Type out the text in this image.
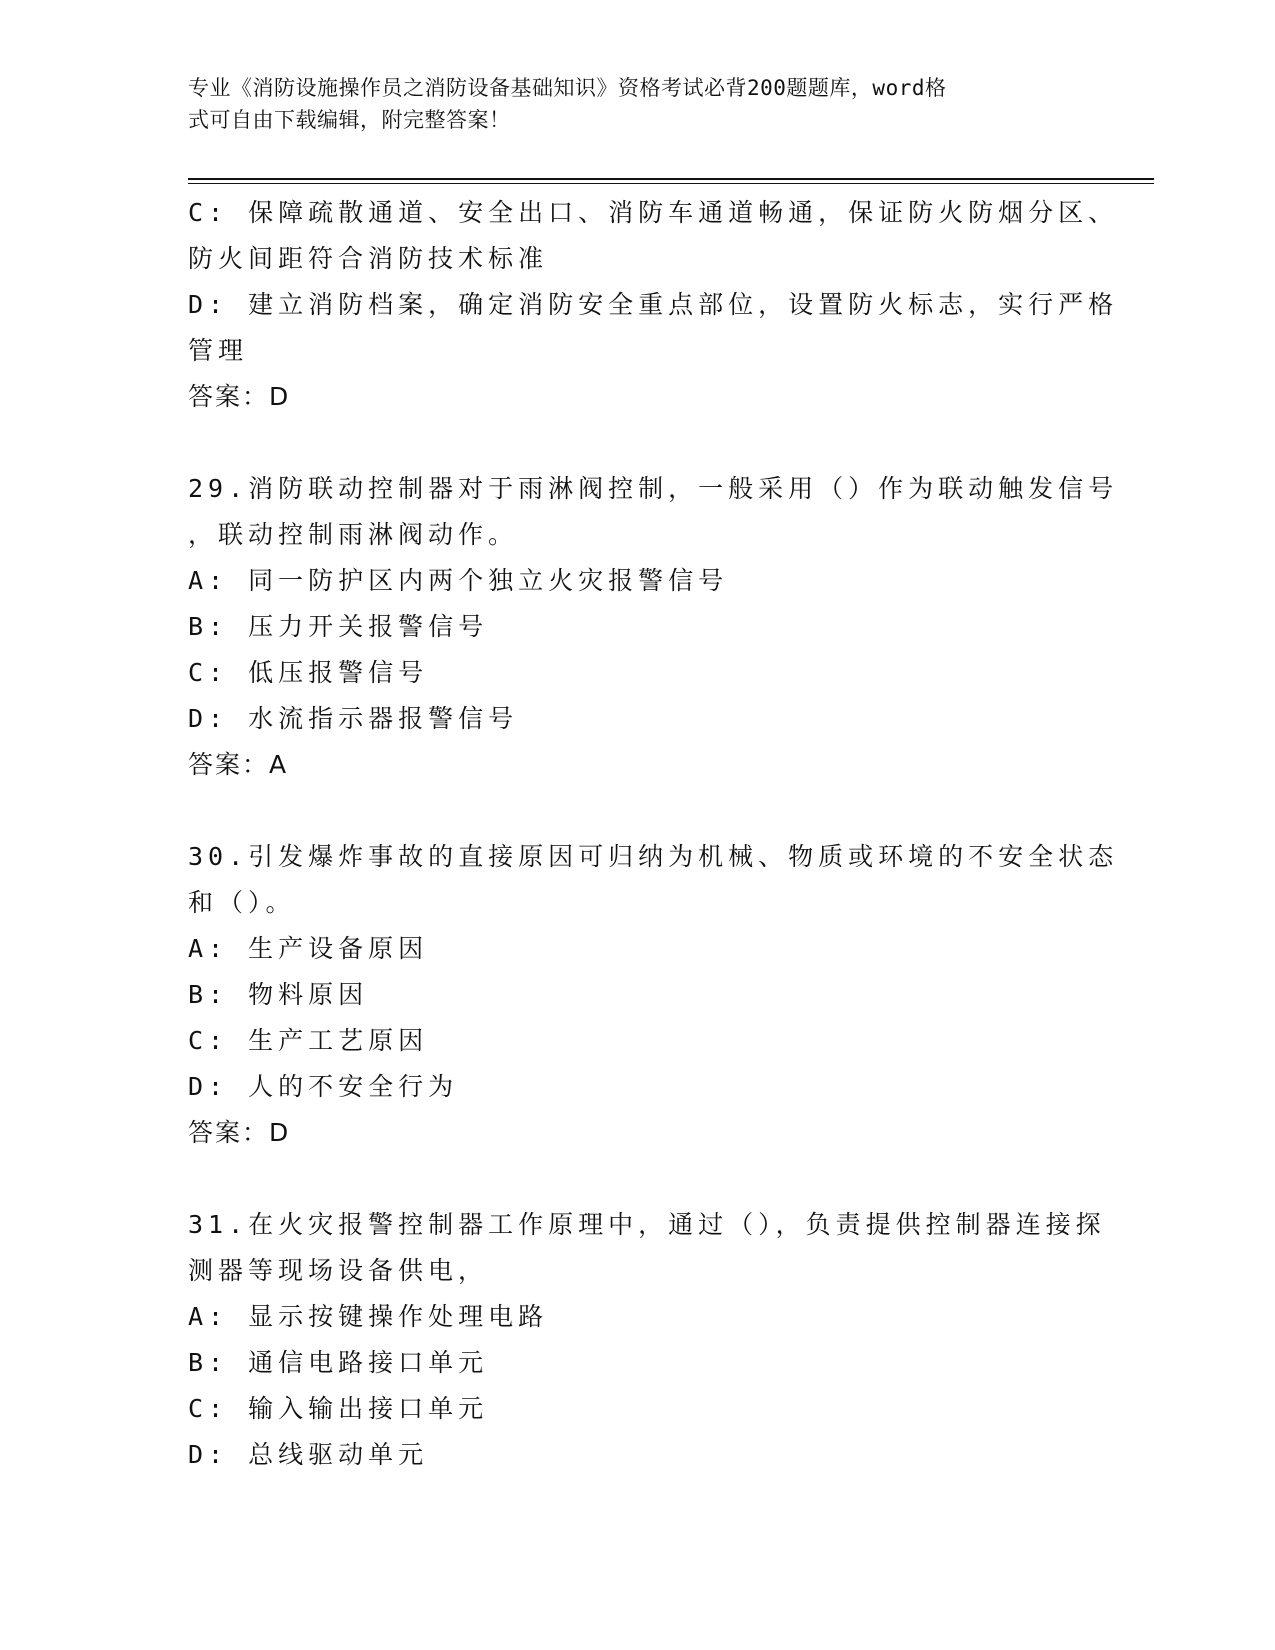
专业《消防设施操作员之消防设备基础知识》资格考试必背200题题库，word格
式可自由下载编辑，附完整答案！
C: 保障疏散通道、安全出口、消防车通道畅通，保证防火防烟分区、
防火间距符合消防技术标准
D: 建立消防档案，确定消防安全重点部位，设置防火标志，实行严格
管理
答案：D
29.消防联动控制器对于雨淋阀控制，一般采用（）作为联动触发信号
，联动控制雨淋阀动作。
A: 同一防护区内两个独立火灾报警信号
B: 压力开关报警信号
C: 低压报警信号
D: 水流指示器报警信号
答案：A
30.引发爆炸事故的直接原因可归纳为机械、物质或环境的不安全状态
和（）。
A: 生产设备原因
B: 物料原因
C: 生产工艺原因
D: 人的不安全行为
答案：D
31.在火灾报警控制器工作原理中，通过（），负责提供控制器连接探
测器等现场设备供电，
A: 显示按键操作处理电路
B: 通信电路接口单元
C: 输入输出接口单元
D: 总线驱动单元
